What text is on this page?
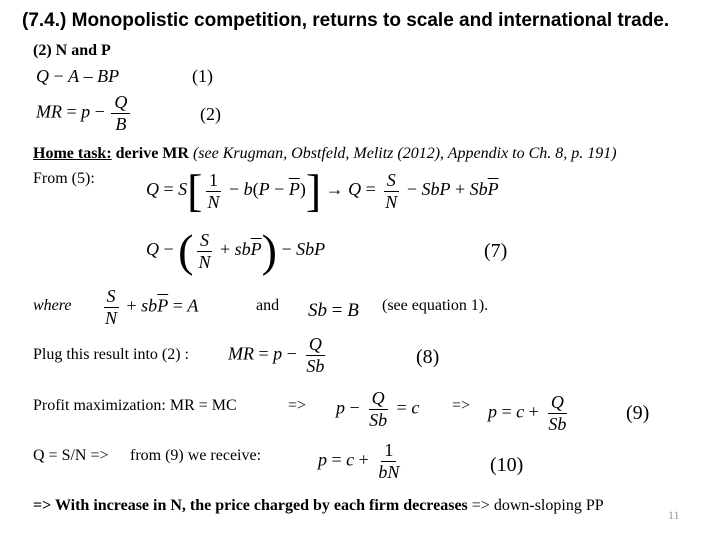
(7.4.) Monopolistic competition, returns to scale and international trade.
(2) N and P
Q − A – BP	(1)
MR = $p - \frac{Q}{B}$	(2)
Home task: derive MR (see Krugman, Obstfeld, Melitz (2012), Appendix to Ch. 8, p. 191)
From (5):
$Q = S[ \frac{1}{N} - b(P - \overline{P})] \to Q = \frac{S}{N}$ − SbP + $Sb\overline{P}$
Q − ( $\frac{S}{N} + sb\overline{P}$) − SbP	(7)
where $\frac{S}{N} + sb\overline{P} = A$	and Sb = B (see equation 1).
Plug this result into (2) : MR = $p - \frac{Q}{Sb}$	(8)
Profit maximization: MR = MC	=> $p - \frac{Q}{Sb} = c => p = c + \frac{Q}{Sb}$	(9)
Q = S/N => from (9) we receive:	$p = c + \frac{1}{bN}$	(10)
=> With increase in N, the price charged by each firm decreases => down-sloping PP
11
